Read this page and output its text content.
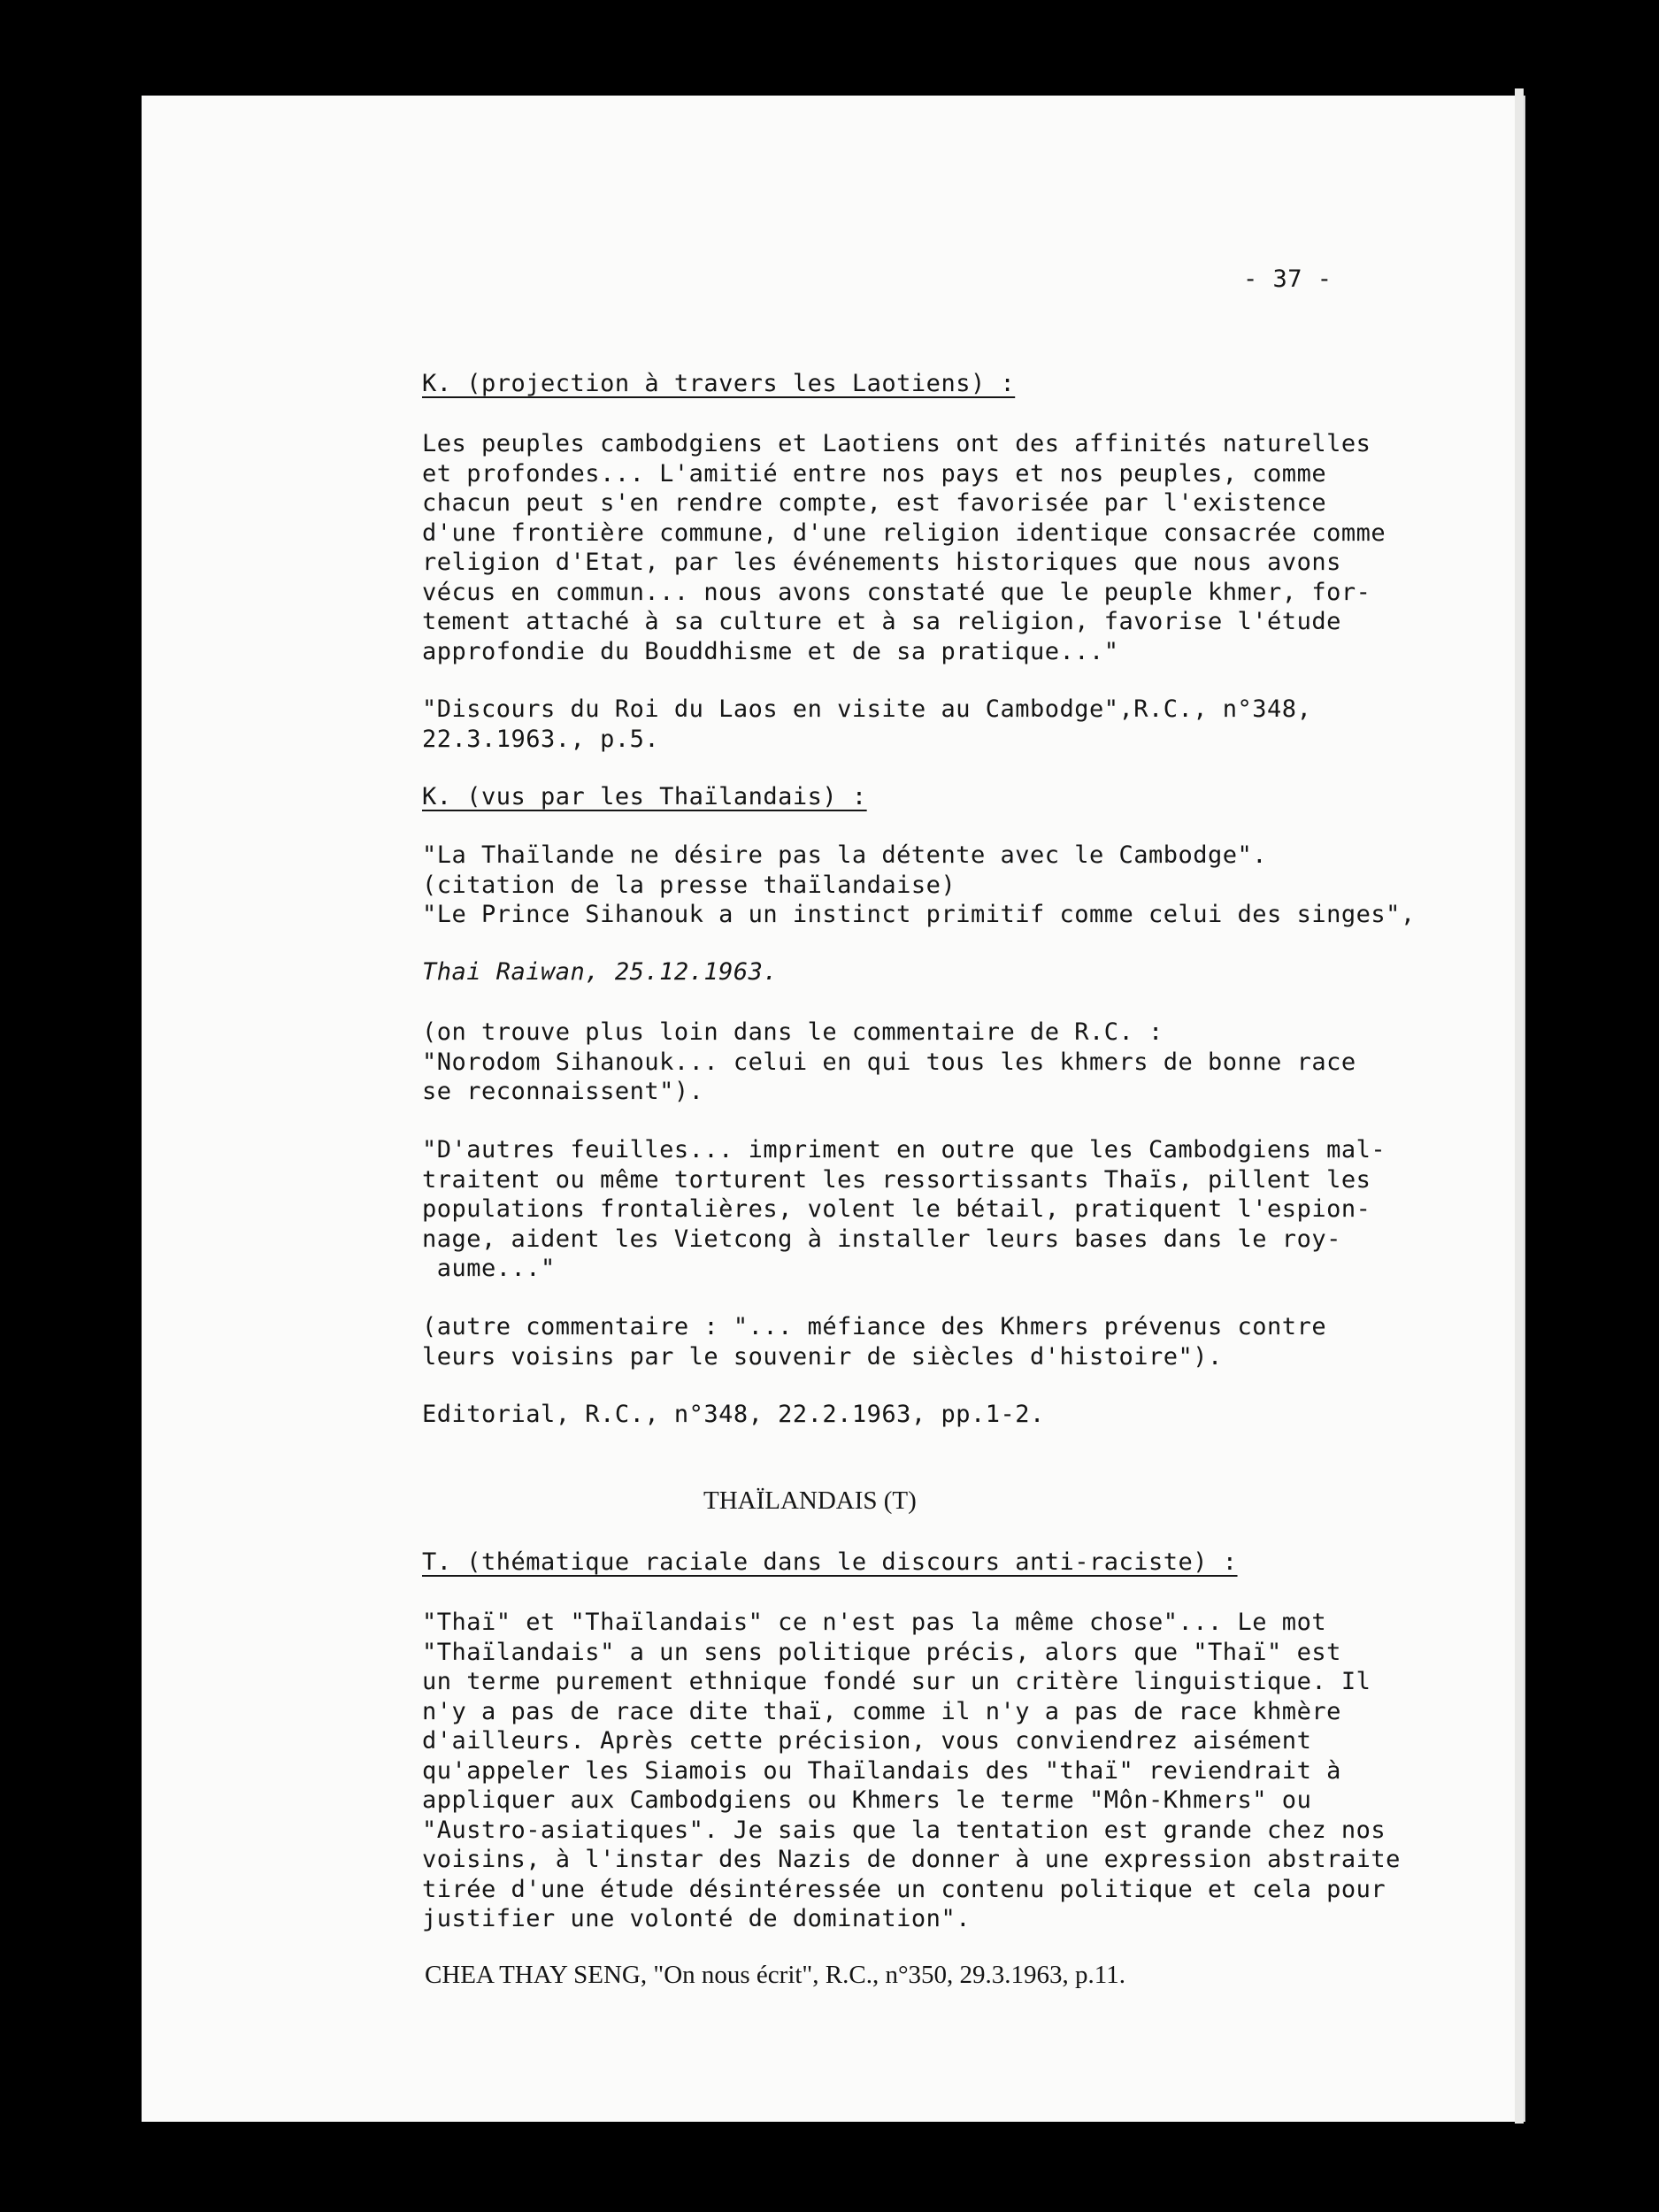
- 37 -
K. (projection à travers les Laotiens) :
Les peuples cambodgiens et Laotiens ont des affinités naturelles
et profondes... L'amitié entre nos pays et nos peuples, comme
chacun peut s'en rendre compte, est favorisée par l'existence
d'une frontière commune, d'une religion identique consacrée comme
religion d'Etat, par les événements historiques que nous avons
vécus en commun... nous avons constaté que le peuple khmer, for-
tement attaché à sa culture et à sa religion, favorise l'étude
approfondie du Bouddhisme et de sa pratique..."
"Discours du Roi du Laos en visite au Cambodge",R.C., n°348,
22.3.1963., p.5.
K. (vus par les Thaïlandais) :
"La Thaïlande ne désire pas la détente avec le Cambodge".
(citation de la presse thaïlandaise)
"Le Prince Sihanouk a un instinct primitif comme celui des singes",
Thai Raiwan, 25.12.1963.
(on trouve plus loin dans le commentaire de R.C. :
"Norodom Sihanouk... celui en qui tous les khmers de bonne race
se reconnaissent").
"D'autres feuilles... impriment en outre que les Cambodgiens mal-
traitent ou même torturent les ressortissants Thaïs, pillent les
populations frontalières, volent le bétail, pratiquent l'espion-
nage, aident les Vietcong à installer leurs bases dans le roy-
aume..."
(autre commentaire : "... méfiance des Khmers prévenus contre
leurs voisins par le souvenir de siècles d'histoire").
Editorial, R.C., n°348, 22.2.1963, pp.1-2.
THAÏLANDAIS (T)
T. (thématique raciale dans le discours anti-raciste) :
"Thaï" et "Thaïlandais" ce n'est pas la même chose"... Le mot
"Thaïlandais" a un sens politique précis, alors que "Thaï" est
un terme purement ethnique fondé sur un critère linguistique. Il
n'y a pas de race dite thaï, comme il n'y a pas de race khmère
d'ailleurs. Après cette précision, vous conviendrez aisément
qu'appeler les Siamois ou Thaïlandais des "thaï" reviendrait à
appliquer aux Cambodgiens ou Khmers le terme "Môn-Khmers" ou
"Austro-asiatiques". Je sais que la tentation est grande chez nos
voisins, à l'instar des Nazis de donner à une expression abstraite
tirée d'une étude désintéressée un contenu politique et cela pour
justifier une volonté de domination".
CHEA THAY SENG, "On nous écrit", R.C., n°350, 29.3.1963, p.11.
